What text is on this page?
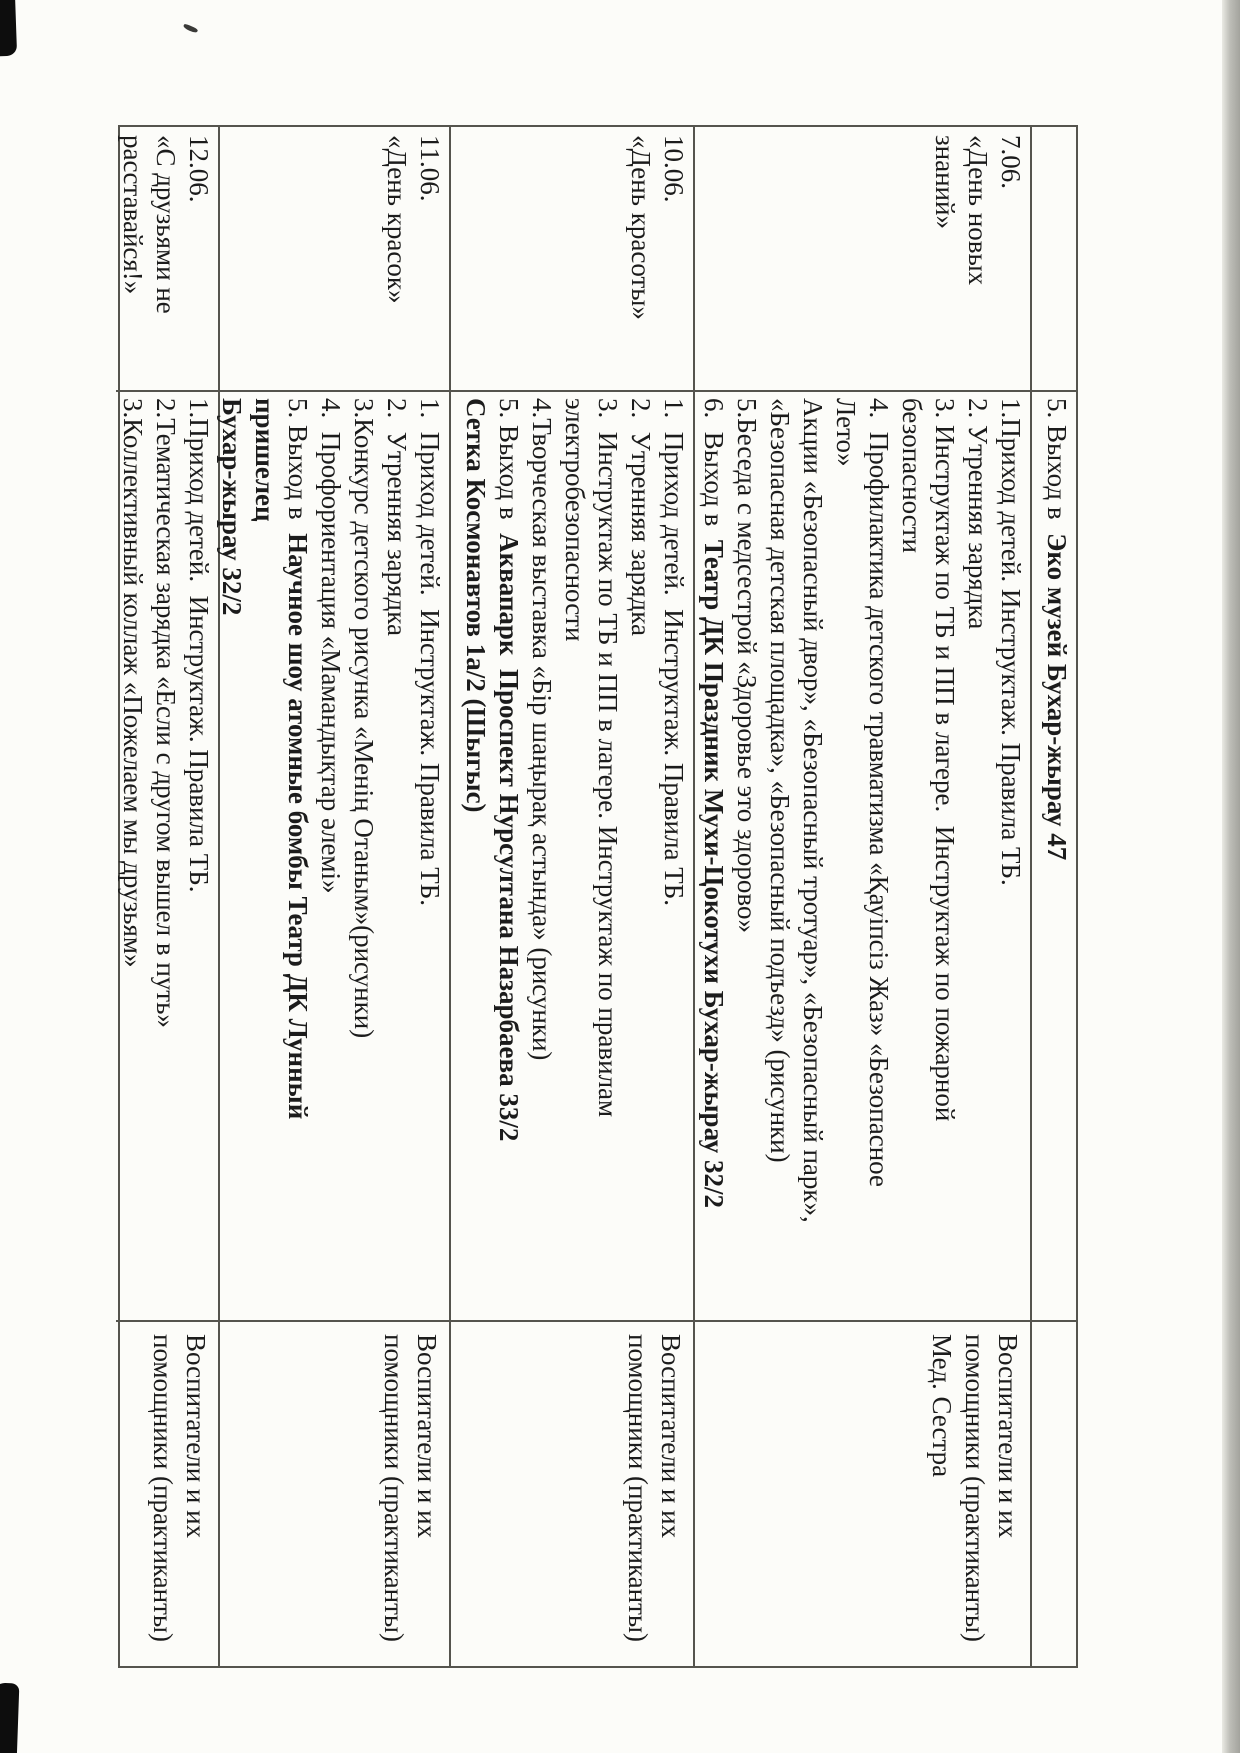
5. Выход в  Эко музей Бухар-жырау 47
7.06.
«День новых
знаний»
1.Приход детей. Инструктаж. Правила ТБ.
2. Утренняя зарядка
3. Инструктаж по ТБ и ПП в лагере.  Инструктаж по пожарной
безопасности
4.  Профилактика детского травматизма «Қауіпсіз Жаз» «Безопасное
Лето»
Акции «Безопасный двор», «Безопасный тротуар», «Безопасный парк»,
«Безопасная детская площадка», «Безопасный подъезд» (рисунки)
5.Беседа с медсестрой «Здоровье это здорово»
6.  Выход в  Театр ДК Праздник Мухи-Цокотухи Бухар-жырау 32/2
Воспитатели и их
помощники (практиканты)
Мед. Сестра
10.06.
«День красоты»
1.  Приход детей.  Инструктаж. Правила ТБ.
2.  Утренняя зарядка
3.  Инструктаж по ТБ и ПП в лагере. Инструктаж по правилам
электробезопасности
4.Творческая выставка «Бір шаңырақ астында» (рисунки)
5. Выход в  Аквапарк  Проспект Нурсултана Назарбаева 33/2
Сетка Космонавтов 1а/2 (Шыгыс)
Воспитатели и их
помощники (практиканты)
11.06.
«День красок»
1.  Приход детей.  Инструктаж. Правила ТБ.
2.  Утренняя зарядка
3.Конкурс детского рисунка «Менің Отаным»(рисунки)
4.  Профориентация «Мамандықтар әлемі»
5. Выход в  Научное шоу атомные бомбы Театр ДК Лунный
пришелец
Бухар-жырау 32/2
Воспитатели и их
помощники (практиканты)
12.06.
«С друзьями не
расставайся!»
1.Приход детей.  Инструктаж. Правила ТБ.
2.Тематическая зарядка «Если с другом вышел в путь»
3.Коллективный коллаж «Пожелаем мы друзьям»
Воспитатели и их
помощники (практиканты)
